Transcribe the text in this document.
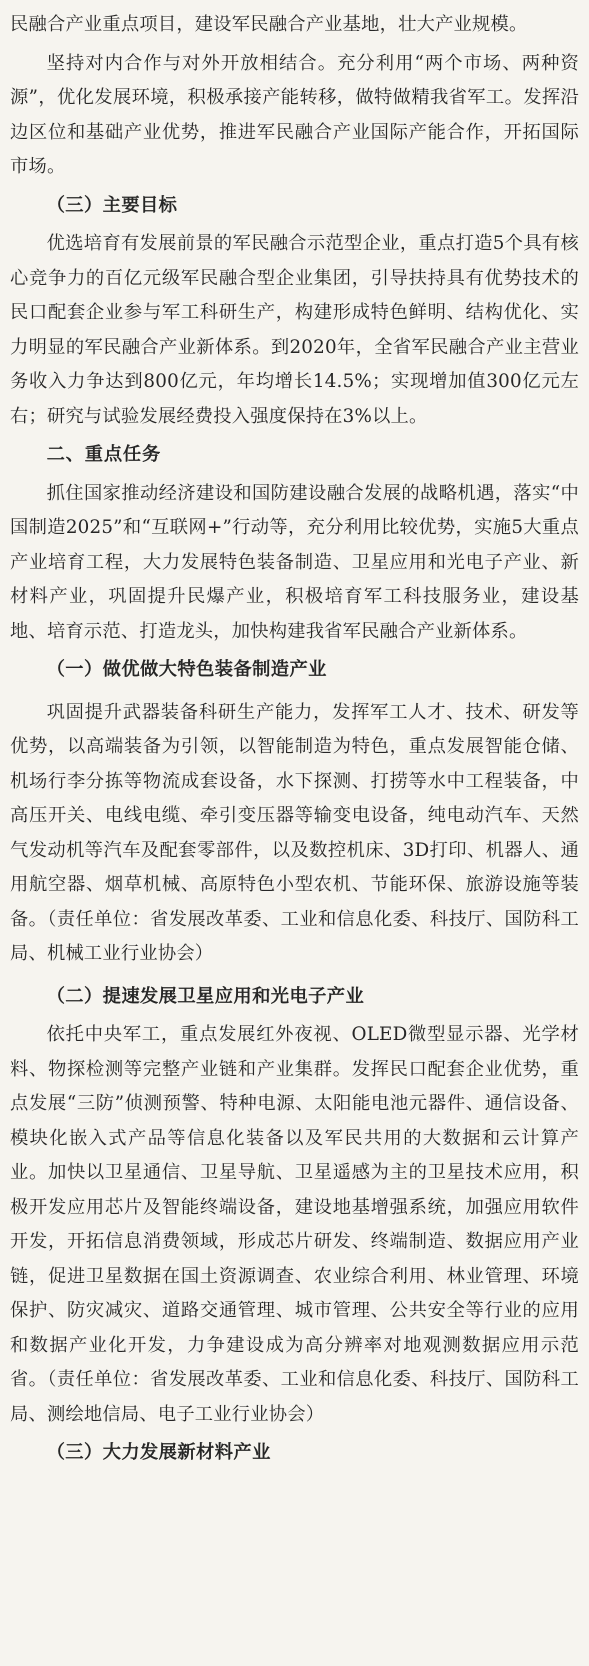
民融合产业重点项目，建设军民融合产业基地，壮大产业规模。

坚持对内合作与对外开放相结合。充分利用“两个市场、两种资源”，优化发展环境，积极承接产能转移，做特做精我省军工。发挥沿边区位和基础产业优势，推进军民融合产业国际产能合作，开拓国际市场。

（三）主要目标

优选培育有发展前景的军民融合示范型企业，重点打造5个具有核心竞争力的百亿元级军民融合型企业集团，引导扶持具有优势技术的民口配套企业参与军工科研生产，构建形成特色鲜明、结构优化、实力明显的军民融合产业新体系。到2020年，全省军民融合产业主营业务收入力争达到800亿元，年均增长14.5%；实现增加值300亿元左右；研究与试验发展经费投入强度保持在3%以上。

二、重点任务

抓住国家推动经济建设和国防建设融合发展的战略机遇，落实“中国制造2025”和“互联网+”行动等，充分利用比较优势，实施5大重点产业培育工程，大力发展特色装备制造、卫星应用和光电子产业、新材料产业，巩固提升民爆产业，积极培育军工科技服务业，建设基地、培育示范、打造龙头，加快构建我省军民融合产业新体系。

（一）做优做大特色装备制造产业

巩固提升武器装备科研生产能力，发挥军工人才、技术、研发等优势，以高端装备为引领，以智能制造为特色，重点发展智能仓储、机场行李分拣等物流成套设备，水下探测、打捞等水中工程装备，中高压开关、电线电缆、牵引变压器等输变电设备，纯电动汽车、天然气发动机等汽车及配套零部件，以及数控机床、3D打印、机器人、通用航空器、烟草机械、高原特色小型农机、节能环保、旅游设施等装备。（责任单位：省发展改革委、工业和信息化委、科技厅、国防科工局、机械工业行业协会）

（二）提速发展卫星应用和光电子产业

依托中央军工，重点发展红外夜视、OLED微型显示器、光学材料、物探检测等完整产业链和产业集群。发挥民口配套企业优势，重点发展“三防”侦测预警、特种电源、太阳能电池元器件、通信设备、模块化嵌入式产品等信息化装备以及军民共用的大数据和云计算产业。加快以卫星通信、卫星导航、卫星遥感为主的卫星技术应用，积极开发应用芯片及智能终端设备，建设地基增强系统，加强应用软件开发，开拓信息消费领域，形成芯片研发、终端制造、数据应用产业链，促进卫星数据在国土资源调查、农业综合利用、林业管理、环境保护、防灾减灾、道路交通管理、城市管理、公共安全等行业的应用和数据产业化开发，力争建设成为高分辨率对地观测数据应用示范省。（责任单位：省发展改革委、工业和信息化委、科技厅、国防科工局、测绘地信局、电子工业行业协会）

（三）大力发展新材料产业
